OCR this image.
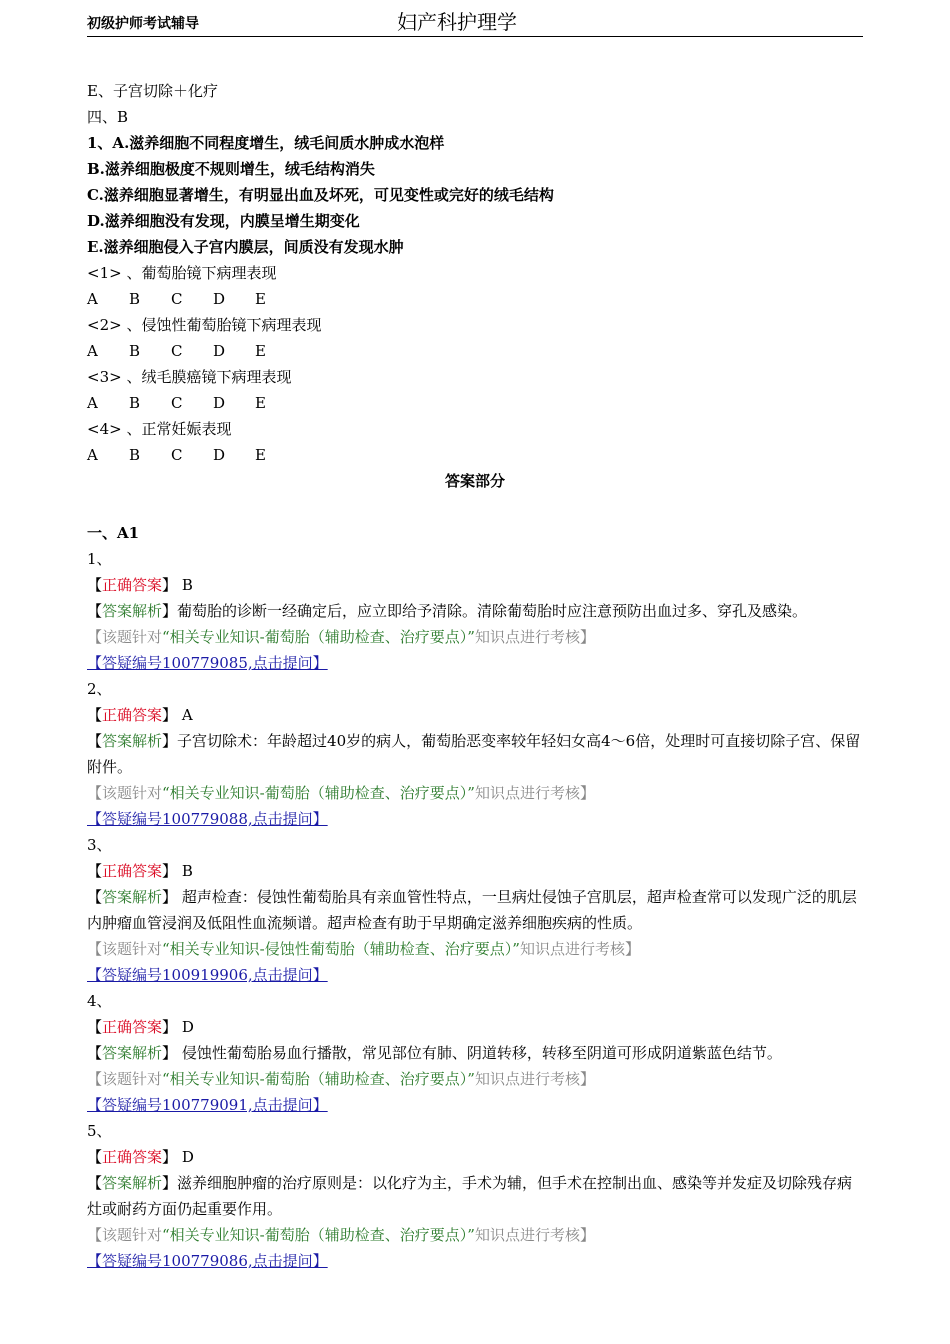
初级护师考试辅导	妇产科护理学
E、子宫切除＋化疗
四、B
1、A.滋养细胞不同程度增生，绒毛间质水肿成水泡样
B.滋养细胞极度不规则增生，绒毛结构消失
C.滋养细胞显著增生，有明显出血及坏死，可见变性或完好的绒毛结构
D.滋养细胞没有发现，内膜呈增生期变化
E.滋养细胞侵入子宫内膜层，间质没有发现水肿
<1> 、葡萄胎镜下病理表现
A B C D E
<2> 、侵蚀性葡萄胎镜下病理表现
A B C D E
<3> 、绒毛膜癌镜下病理表现
A B C D E
<4> 、正常妊娠表现
A B C D E
答案部分
一、A1
1、
【正确答案】 B
【答案解析】葡萄胎的诊断一经确定后，应立即给予清除。清除葡萄胎时应注意预防出血过多、穿孔及感染。
【该题针对“相关专业知识-葡萄胎（辅助检查、治疗要点）”知识点进行考核】
【答疑编号100779085,点击提问】
2、
【正确答案】 A
【答案解析】子宫切除术：年龄超过40岁的病人，葡萄胎恶变率较年轻妇女高4～6倍，处理时可直接切除子宫、保留附件。
【该题针对“相关专业知识-葡萄胎（辅助检查、治疗要点）”知识点进行考核】
【答疑编号100779088,点击提问】
3、
【正确答案】 B
【答案解析】 超声检查：侵蚀性葡萄胎具有亲血管性特点，一旦病灶侵蚀子宫肌层，超声检查常可以发现广泛的肌层内肿瘤血管浸润及低阻性血流频谱。超声检查有助于早期确定滋养细胞疾病的性质。
【该题针对“相关专业知识-侵蚀性葡萄胎（辅助检查、治疗要点）”知识点进行考核】
【答疑编号100919906,点击提问】
4、
【正确答案】 D
【答案解析】 侵蚀性葡萄胎易血行播散，常见部位有肺、阴道转移，转移至阴道可形成阴道紫蓝色结节。
【该题针对“相关专业知识-葡萄胎（辅助检查、治疗要点）”知识点进行考核】
【答疑编号100779091,点击提问】
5、
【正确答案】 D
【答案解析】滋养细胞肿瘤的治疗原则是：以化疗为主，手术为辅，但手术在控制出血、感染等并发症及切除残存病灶或耐药方面仍起重要作用。
【该题针对“相关专业知识-葡萄胎（辅助检查、治疗要点）”知识点进行考核】
【答疑编号100779086,点击提问】
